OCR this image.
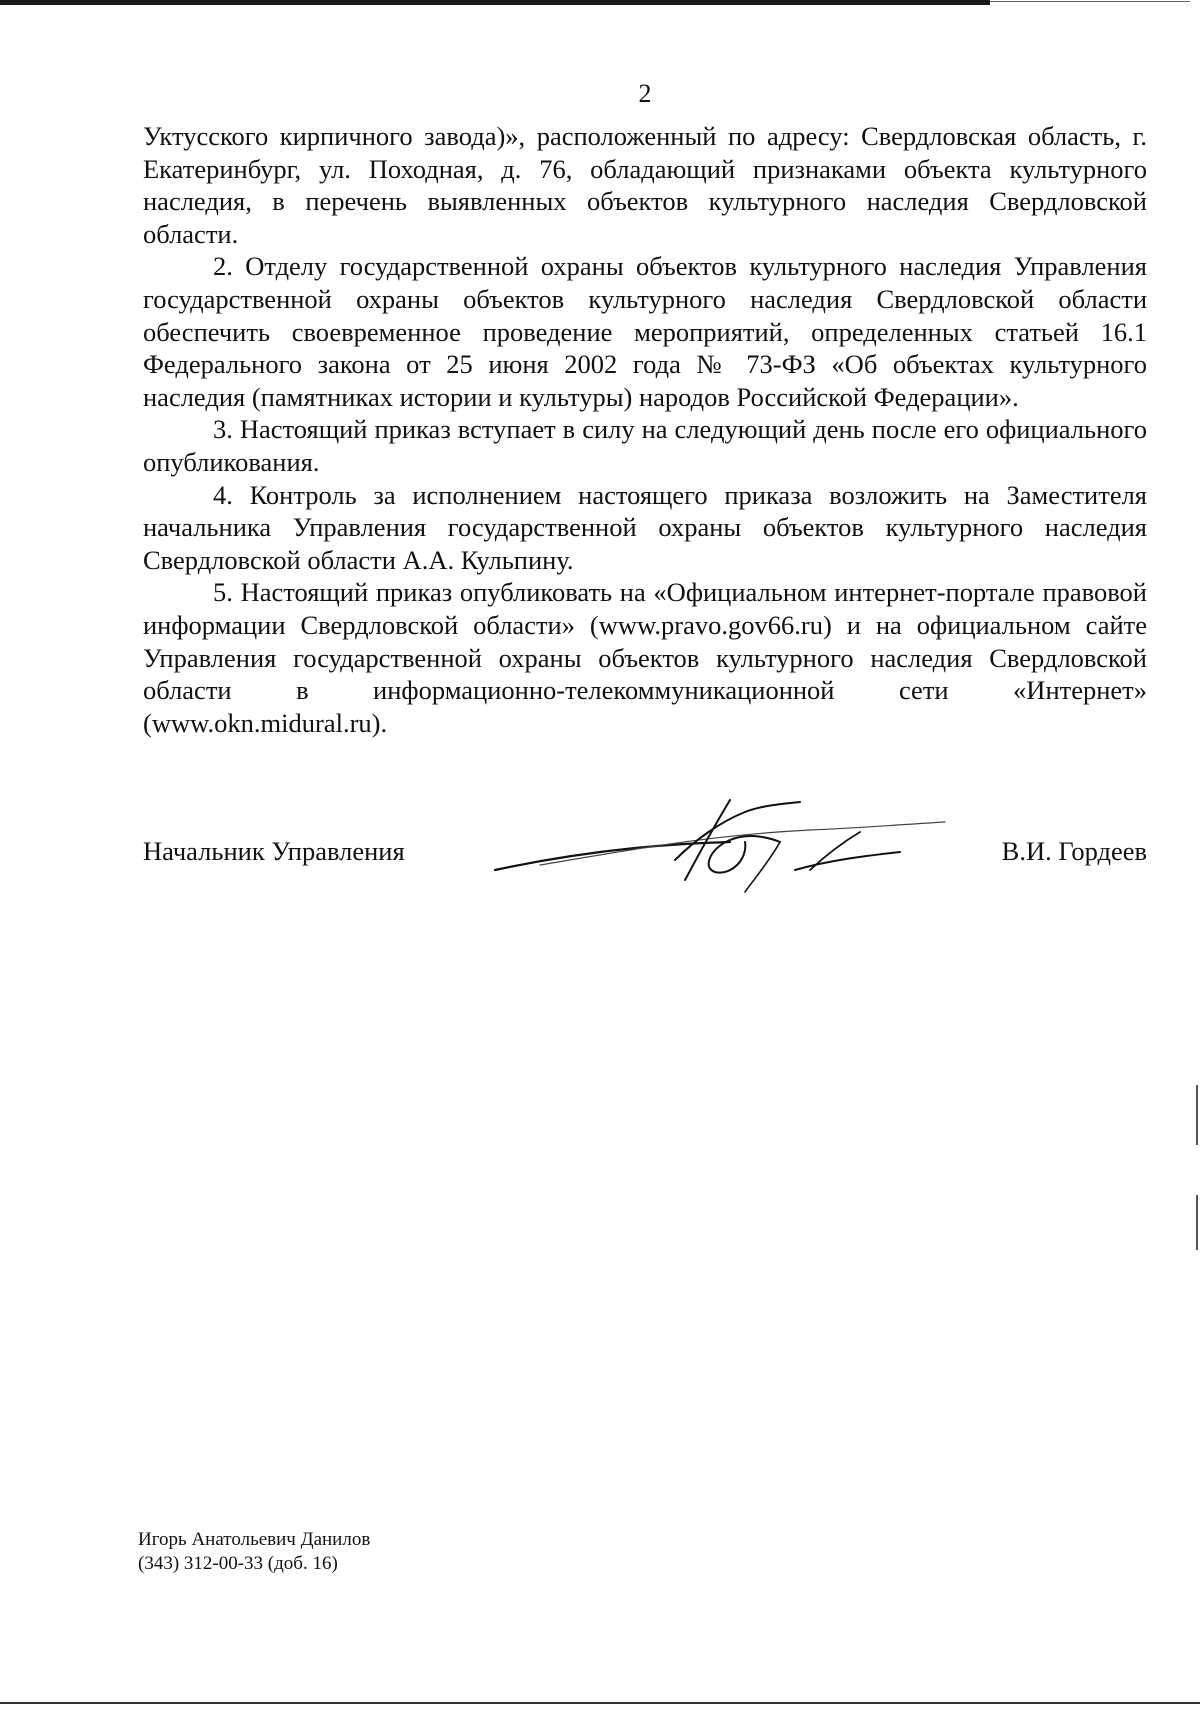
2

Уктусского кирпичного завода)», расположенный по адресу: Свердловская область, г. Екатеринбург, ул. Походная, д. 76, обладающий признаками объекта культурного наследия, в перечень выявленных объектов культурного наследия Свердловской области.

2. Отделу государственной охраны объектов культурного наследия Управления государственной охраны объектов культурного наследия Свердловской области обеспечить своевременное проведение мероприятий, определенных статьей 16.1 Федерального закона от 25 июня 2002 года № 73-ФЗ «Об объектах культурного наследия (памятниках истории и культуры) народов Российской Федерации».

3. Настоящий приказ вступает в силу на следующий день после его официального опубликования.

4. Контроль за исполнением настоящего приказа возложить на Заместителя начальника Управления государственной охраны объектов культурного наследия Свердловской области А.А. Кульпину.

5. Настоящий приказ опубликовать на «Официальном интернет-портале правовой информации Свердловской области» (www.pravo.gov66.ru) и на официальном сайте Управления государственной охраны объектов культурного наследия Свердловской области в информационно-телекоммуникационной сети «Интернет» (www.okn.midural.ru).

Начальник Управления	В.И. Гордеев
Игорь Анатольевич Данилов
(343) 312-00-33 (доб. 16)
